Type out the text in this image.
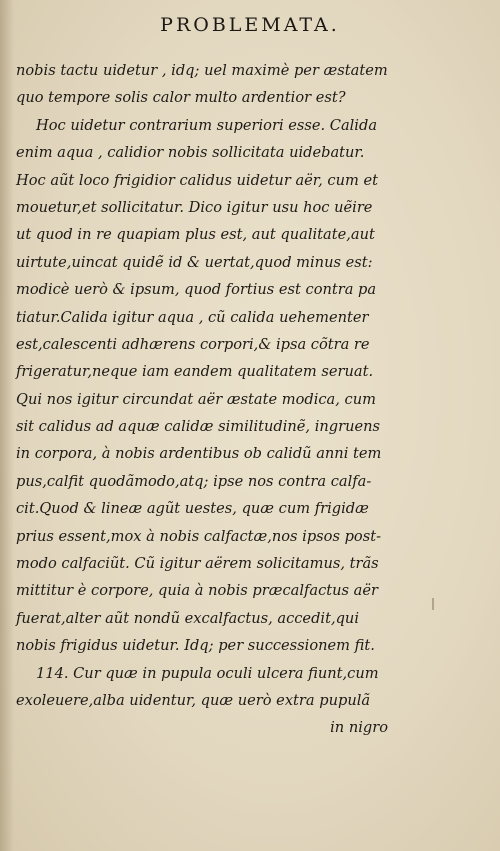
PROBLEMATA.
nobis tactu uidetur , idq; uel maximè per æstatem
quo tempore solis calor multo ardentior est?
Hoc uidetur contrarium superiori esse. Calida
enim aqua , calidior nobis sollicitata uidebatur.
Hoc aũt loco frigidior calidus uidetur aër, cum et
mouetur,et sollicitatur. Dico igitur usu hoc uẽire
ut quod in re quapiam plus est, aut qualitate,aut
uirtute,uincat quidẽ id & uertat,quod minus est:
modicè uerò & ipsum, quod fortius est contra pa
tiatur.Calida igitur aqua , cũ calida uehementer
est,calescenti adhærens corpori,& ipsa cõtra re
frigeratur,neque iam eandem qualitatem seruat.
Qui nos igitur circundat aër æstate modica, cum
sit calidus ad aquæ calidæ similitudinẽ, ingruens
in corpora, à nobis ardentibus ob calidũ anni tem
pus,calfit quodãmodo,atq; ipse nos contra calfa-
cit.Quod & lineæ agũt uestes, quæ cum frigidæ
prius essent,mox à nobis calfactæ,nos ipsos post-
modo calfaciũt. Cũ igitur aërem solicitamus, trãs
mittitur è corpore, quia à nobis præcalfactus aër
fuerat,alter aũt nondũ excalfactus, accedit,qui
nobis frigidus uidetur. Idq; per successionem fit.
114. Cur quæ in pupula oculi ulcera fiunt,cum
exoleuere,alba uidentur, quæ uerò extra pupulã
in nigro
